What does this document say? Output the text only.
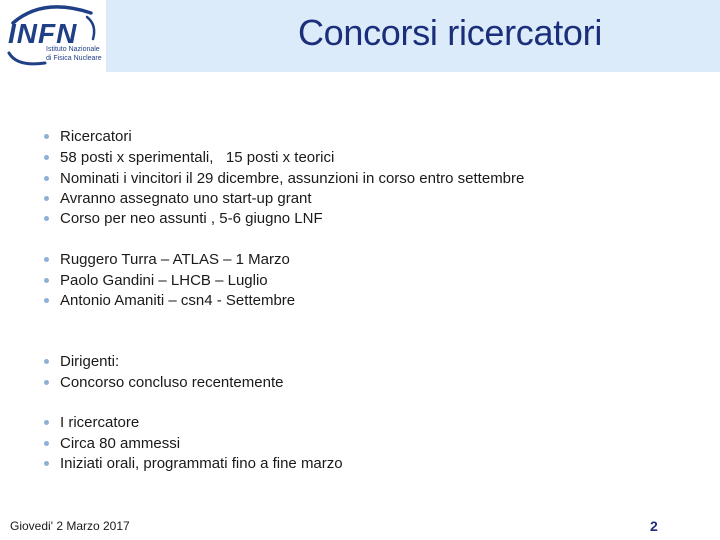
INFN
Istituto Nazionale
di Fisica Nucleare
Concorsi ricercatori
Ricercatori
58 posti x sperimentali,   15 posti x teorici
Nominati i vincitori il 29 dicembre, assunzioni in corso entro settembre
Avranno assegnato uno start-up grant
Corso per neo assunti , 5-6 giugno LNF
Ruggero Turra – ATLAS – 1 Marzo
Paolo Gandini – LHCB – Luglio
Antonio Amaniti – csn4 - Settembre
Dirigenti:
Concorso concluso recentemente
I ricercatore
Circa 80 ammessi
Iniziati orali, programmati fino a fine marzo
Giovedi' 2 Marzo 2017	2
